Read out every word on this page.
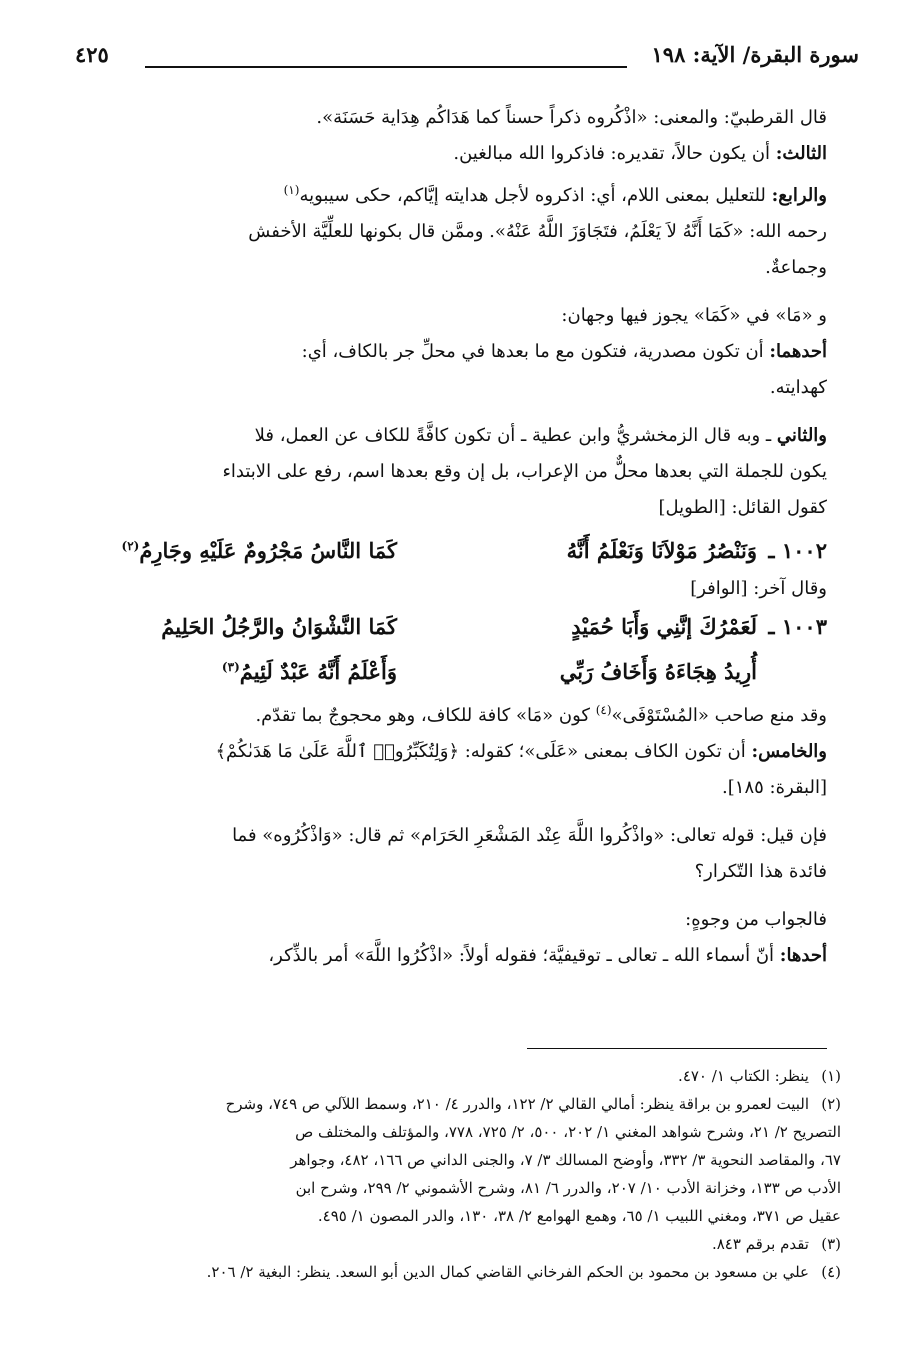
سورة البقرة/ الآية: ١٩٨
٤٢٥
قال القرطبيّ: والمعنى: «اذْكُروه ذكراً حسناً كما هَدَاكُم هِدَاية حَسَنَة».
الثالث: أن يكون حالاً، تقديره: فاذكروا الله مبالغين.
والرابع: للتعليل بمعنى اللام، أي: اذكروه لأجل هدايته إيَّاكم، حكى سيبويه$^{(١)}$
رحمه الله: «كَمَا أَنَّهُ لاَ يَعْلَمُ، فتَجَاوَزَ اللَّهُ عَنْهُ». وممَّن قال بكونها للعلِّيَّة الأخفش
وجماعةٌ.
و «مَا» في «كَمَا» يجوز فيها وجهان:
أحدهما: أن تكون مصدرية، فتكون مع ما بعدها في محلِّ جر بالكاف، أي:
كهدايته.
والثاني ـ وبه قال الزمخشريُّ وابن عطية ـ أن تكون كافَّةً للكاف عن العمل، فلا
يكون للجملة التي بعدها محلٌّ من الإعراب، بل إن وقع بعدها اسم، رفع على الابتداء
كقول القائل: [الطويل]
١٠٠٢ ـوَنَنْصُرُ مَوْلاَنَا وَنَعْلَمُ أَنَّهُكَمَا النَّاسُ مَجْرُومٌ عَلَيْهِ وجَارِمُ$^{(٢)}$
وقال آخر: [الوافر]
١٠٠٣ ـلَعَمْرُكَ إنَّنِي وَأَبَا حُمَيْدٍكَمَا النَّشْوَانُ والرَّجُلُ الحَلِيمُ
أُرِيدُ هِجَاءَهُ وَأَخَافُ رَبِّيوَأَعْلَمُ أَنَّهُ عَبْدٌ لَئِيمُ$^{(٣)}$
وقد منع صاحب «المُسْتَوْفَى»$^{(٤)}$ كون «مَا» كافة للكاف، وهو محجوجٌ بما تقدّم.
والخامس: أن تكون الكاف بمعنى «عَلَى»؛ كقوله: ﴿وَلِتُكَبِّرُوا۟ ٱللَّهَ عَلَىٰ مَا هَدَىٰكُمْ﴾
[البقرة: ١٨٥].
فإن قيل: قوله تعالى: «واذْكُروا اللَّهَ عِنْد المَشْعَرِ الحَرَام» ثم قال: «وَاذْكُرُوه» فما
فائدة هذا التّكرار؟
فالجواب من وجوهٍ:
أحدها: أنّ أسماء الله ـ تعالى ـ توقيفيَّة؛ فقوله أولاً: «اذْكُرُوا اللَّهَ» أمر بالذِّكر،
(١)ينظر: الكتاب ١/ ٤٧٠.
(٢)البيت لعمرو بن براقة ينظر: أمالي القالي ٢/ ١٢٢، والدرر ٤/ ٢١٠، وسمط اللآلي ص ٧٤٩، وشرح
التصريح ٢/ ٢١، وشرح شواهد المغني ١/ ٢٠٢، ٥٠٠، ٢/ ٧٢٥، ٧٧٨، والمؤتلف والمختلف ص
٦٧، والمقاصد النحوية ٣/ ٣٣٢، وأوضح المسالك ٣/ ٧، والجنى الداني ص ١٦٦، ٤٨٢، وجواهر
الأدب ص ١٣٣، وخزانة الأدب ١٠/ ٢٠٧، والدرر ٦/ ٨١، وشرح الأشموني ٢/ ٢٩٩، وشرح ابن
عقيل ص ٣٧١، ومغني اللبيب ١/ ٦٥، وهمع الهوامع ٢/ ٣٨، ١٣٠، والدر المصون ١/ ٤٩٥.
(٣)تقدم برقم ٨٤٣.
(٤)علي بن مسعود بن محمود بن الحكم الفرخاني القاضي كمال الدين أبو السعد. ينظر: البغية ٢/ ٢٠٦.
